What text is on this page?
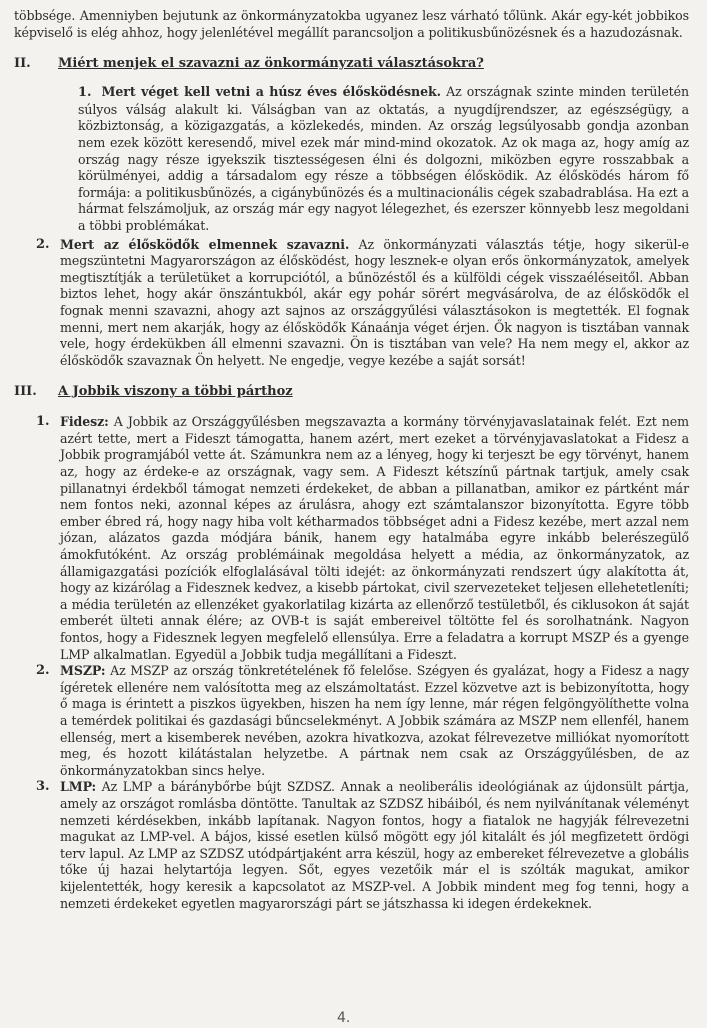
többsége. Amenniyben bejutunk az önkormányzatokba ugyanez lesz várható tőlünk. Akár egy-két jobbikos képviselő is elég ahhoz, hogy jelenlétével megállít parancsoljon a politikusbűnözésnek és a hazudozásnak.

II.	Miért menjek el szavazni az önkormányzati választásokra?
1. Mert véget kell vetni a húsz éves élősködésnek. Az országnak szinte minden területén súlyos válság alakult ki. Válságban van az oktatás, a nyugdíjrendszer, az egészségügy, a közbiztonság, a közigazgatás, a közlekedés, minden. Az ország legsúlyosabb gondja azonban nem ezek között keresendő, mivel ezek már mind-mind okozatok. Az ok maga az, hogy amíg az ország nagy része igyekszik tisztességesen élni és dolgozni, miközben egyre rosszabbak a körülményei, addig a társadalom egy része a többségen élősködik. Az élősködés három fő formája: a politikusbűnözés, a cigánybűnözés és a multinacionális cégek szabadrablása. Ha ezt a hármat felszámoljuk, az ország már egy nagyot lélegezhet, és ezerszer könnyebb lesz megoldani a többi problémákat.
2. Mert az élősködők elmennek szavazni. Az önkormányzati választás tétje, hogy sikerül-e megszüntetni Magyarországon az élősködést, hogy lesznek-e olyan erős önkormányzatok, amelyek megtisztítják a területüket a korrupciótól, a bűnözéstől és a külföldi cégek visszaéléseitől. Abban biztos lehet, hogy akár önszántukból, akár egy pohár sörért megvásárolva, de az élősködők el fognak menni szavazni, ahogy azt sajnos az országgyűlési választásokon is megtették. El fognak menni, mert nem akarják, hogy az élősködők Kánaánja véget érjen. Ők nagyon is tisztában vannak vele, hogy érdekükben áll elmenni szavazni. Ön is tisztában van vele? Ha nem megy el, akkor az élősködők szavaznak Ön helyett. Ne engedje, vegye kezébe a saját sorsát!
III.	A Jobbik viszony a többi párthoz
1. Fidesz: A Jobbik az Országgyűlésben megszavazta a kormány törvényjavaslatainak felét. Ezt nem azért tette, mert a Fideszt támogatta, hanem azért, mert ezeket a törvényjavaslatokat a Fidesz a Jobbik programjából vette át. Számunkra nem az a lényeg, hogy ki terjeszt be egy törvényt, hanem az, hogy az érdeke-e az országnak, vagy sem. A Fideszt kétszínű pártnak tartjuk, amely csak pillanatnyi érdekből támogat nemzeti érdekeket, de abban a pillanatban, amikor ez pártként már nem fontos neki, azonnal képes az árulásra, ahogy ezt számtalanszor bizonyította. Egyre több ember ébred rá, hogy nagy hiba volt kétharmados többséget adni a Fidesz kezébe, mert azzal nem józan, alázatos gazda módjára bánik, hanem egy hatalmába egyre inkább belerészegülő ámokfutóként. Az ország problémáinak megoldása helyett a média, az önkormányzatok, az államigazgatási pozíciók elfoglalásával tölti idejét: az önkormányzati rendszert úgy alakította át, hogy az kizárólag a Fidesznek kedvez, a kisebb pártokat, civil szervezeteket teljesen ellehetetleníti; a média területén az ellenzéket gyakorlatilag kizárta az ellenőrző testületből, és ciklusokon át saját emberét ülteti annak élére; az OVB-t is saját embereivel töltötte fel és sorolhatnánk. Nagyon fontos, hogy a Fidesznek legyen megfelelő ellensúlya. Erre a feladatra a korrupt MSZP és a gyenge LMP alkalmatlan. Egyedül a Jobbik tudja megállítani a Fideszt.
2. MSZP: Az MSZP az ország tönkretételének fő felelőse. Szégyen és gyalázat, hogy a Fidesz a nagy ígéretek ellenére nem valósította meg az elszámoltatást. Ezzel közvetve azt is bebizonyította, hogy ő maga is érintett a piszkos ügyekben, hiszen ha nem így lenne, már régen felgöngyölíthette volna a temérdek politikai és gazdasági bűncselekményt. A Jobbik számára az MSZP nem ellenfél, hanem ellenség, mert a kisemberek nevében, azokra hivatkozva, azokat félrevezetve milliókat nyomorított meg, és hozott kilátástalan helyzetbe. A pártnak nem csak az Országgyűlésben, de az önkormányzatokban sincs helye.
3. LMP: Az LMP a báránybőrbe bújt SZDSZ. Annak a neoliberális ideológiának az újdonsült pártja, amely az országot romlásba döntötte. Tanultak az SZDSZ hibáiból, és nem nyilvánítanak véleményt nemzeti kérdésekben, inkább lapítanak. Nagyon fontos, hogy a fiatalok ne hagyják félrevezetni magukat az LMP-vel. A bájos, kissé esetlen külső mögött egy jól kitalált és jól megfizetett ördögi terv lapul. Az LMP az SZDSZ utódpártjaként arra készül, hogy az embereket félrevezetve a globális tőke új hazai helytartója legyen. Sőt, egyes vezetőik már el is szólták magukat, amikor kijelentették, hogy keresik a kapcsolatot az MSZP-vel. A Jobbik mindent meg fog tenni, hogy a nemzeti érdekeket egyetlen magyarországi párt se játszhassa ki idegen érdekeknek.
4.
